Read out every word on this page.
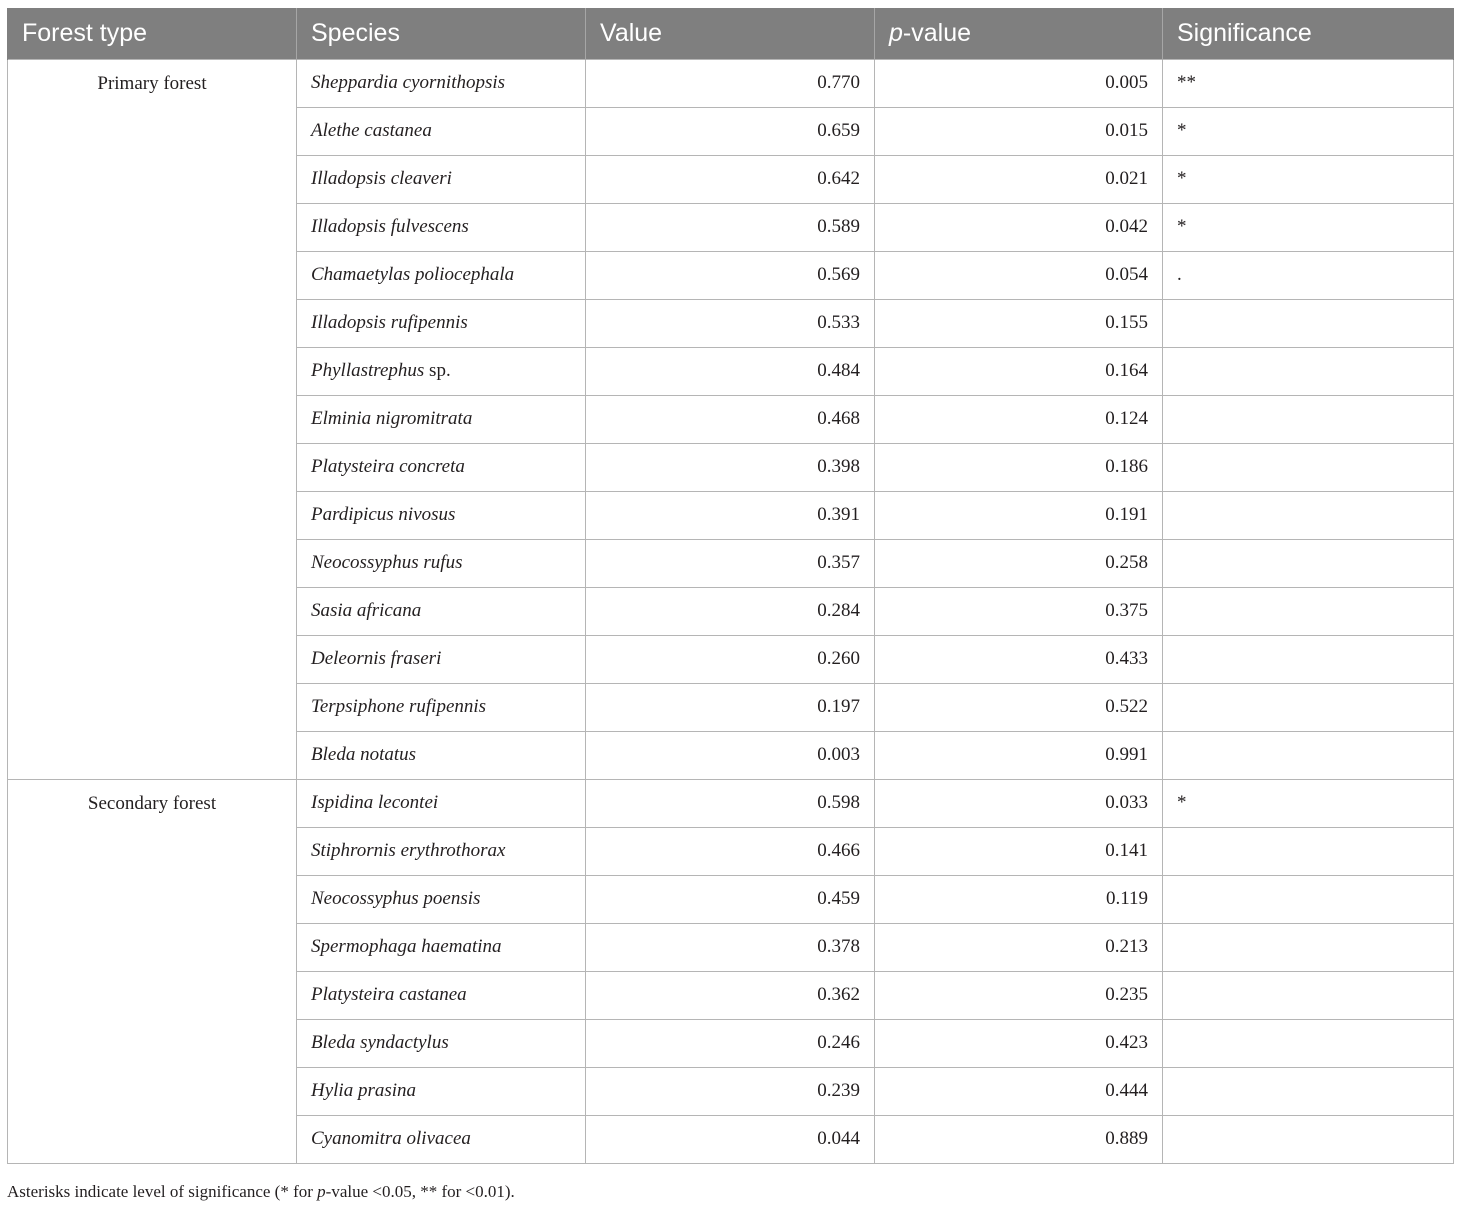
Forest type	Species	Value	p-value	Significance
Primary forest	Sheppardia cyornithopsis	0.770	0.005	**
	Alethe castanea	0.659	0.015	*
	Illadopsis cleaveri	0.642	0.021	*
	Illadopsis fulvescens	0.589	0.042	*
	Chamaetylas poliocephala	0.569	0.054	.
	Illadopsis rufipennis	0.533	0.155	
	Phyllastrephus sp.	0.484	0.164	
	Elminia nigromitrata	0.468	0.124	
	Platysteira concreta	0.398	0.186	
	Pardipicus nivosus	0.391	0.191	
	Neocossyphus rufus	0.357	0.258	
	Sasia africana	0.284	0.375	
	Deleornis fraseri	0.260	0.433	
	Terpsiphone rufipennis	0.197	0.522	
	Bleda notatus	0.003	0.991	
Secondary forest	Ispidina lecontei	0.598	0.033	*
	Stiphrornis erythrothorax	0.466	0.141	
	Neocossyphus poensis	0.459	0.119	
	Spermophaga haematina	0.378	0.213	
	Platysteira castanea	0.362	0.235	
	Bleda syndactylus	0.246	0.423	
	Hylia prasina	0.239	0.444	
	Cyanomitra olivacea	0.044	0.889	
Asterisks indicate level of significance (* for p-value <0.05, ** for <0.01).
